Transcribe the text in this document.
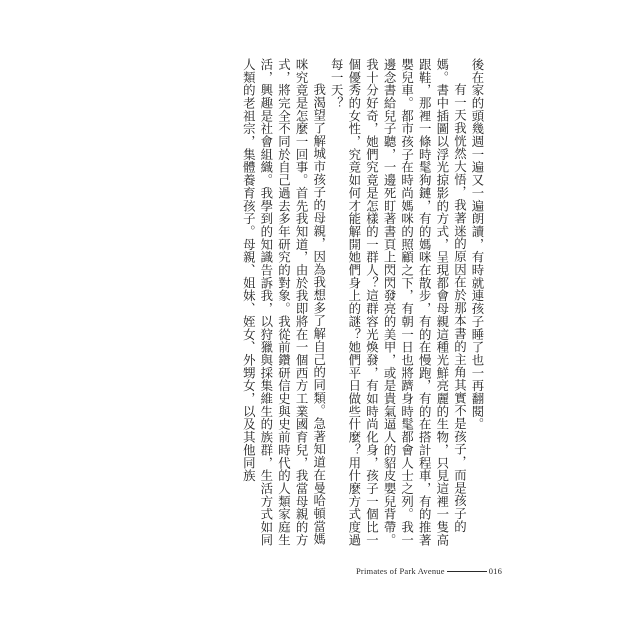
後在家的頭幾週一遍又一遍朗讀，有時就連孩子睡了也一再翻閱。

有一天我恍然大悟，我著迷的原因在於那本書的主角其實不是孩子，而是孩子的媽。書中插圖以浮光掠影的方式，呈現都會母親這種光鮮亮麗的生物，只見這裡一隻高跟鞋，那裡一條時髦狗鏈，有的媽咪在散步，有的在慢跑，有的在搭計程車，有的推著嬰兒車。都市孩子在時尚媽咪的照顧之下，有朝一日也將躋身時髦都會人士之列。我一邊念書給兒子聽，一邊死盯著書頁上閃閃發亮的美甲，或是貴氣逼人的貂皮嬰兒背帶。我十分好奇，她們究竟是怎樣的一群人？這群容光煥發，有如時尚化身，孩子一個比一個優秀的女性，究竟如何才能解開她們身上的謎？她們平日做些什麼？用什麼方式度過每一天？

我渴望了解城市孩子的母親，因為我想多了解自己的同類。急著知道在曼哈頓當媽咪究竟是怎麼一回事。首先我知道，由於我即將在一個西方工業國育兒，我當母親的方式，將完全不同於自己過去多年研究的對象。我從前鑽研信史與史前時代的人類家庭生活，興趣是社會組織。我學到的知識告訴我，以狩獵與採集維生的族群，生活方式如同人類的老祖宗，集體養育孩子。母親、姐妹、姪女、外甥女，以及其他同族

Primates of Park Avenue	016
